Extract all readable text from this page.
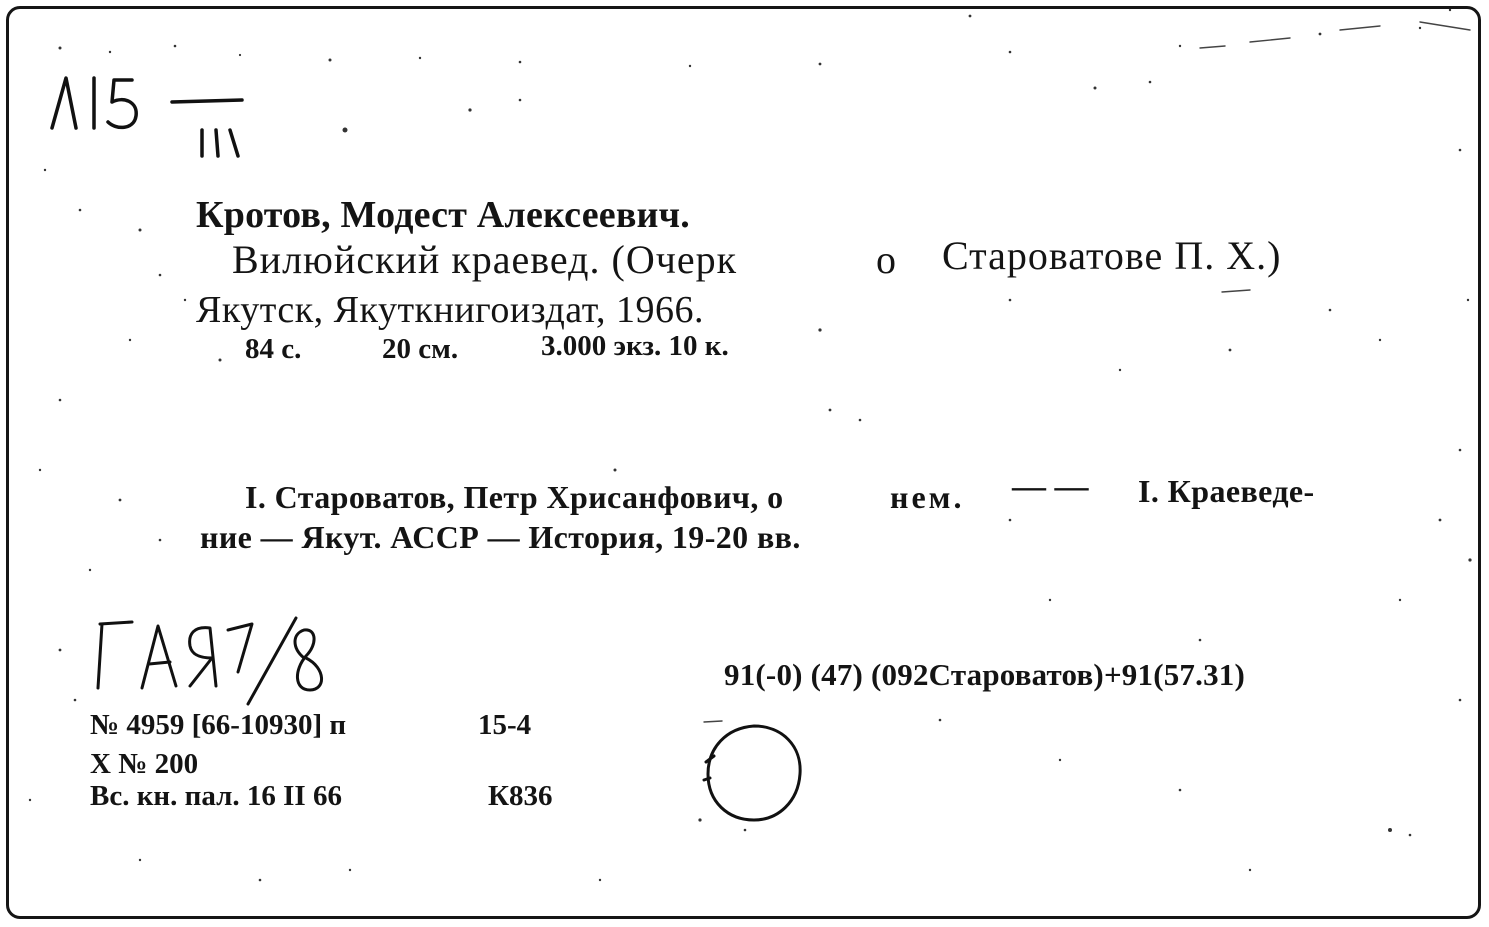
Кротов, Модест Алексеевич.
Вилюйский краевед. (Очерк	о Староватове П. Х.)
Якутск, Якуткнигоиздат, 1966.
84 с.	20 см.	3.000 экз. 10 к.
I. Староватов, Петр Хрисанфович, о	нем. — — I. Краеведе-
ние — Якут. АССР — История, 19-20 вв.
91(-0) (47) (092Староватов)+91(57.31)
№ 4959 [66-10930] п	15-4
Х № 200
Вс. кн. пал. 16 II 66	К836
